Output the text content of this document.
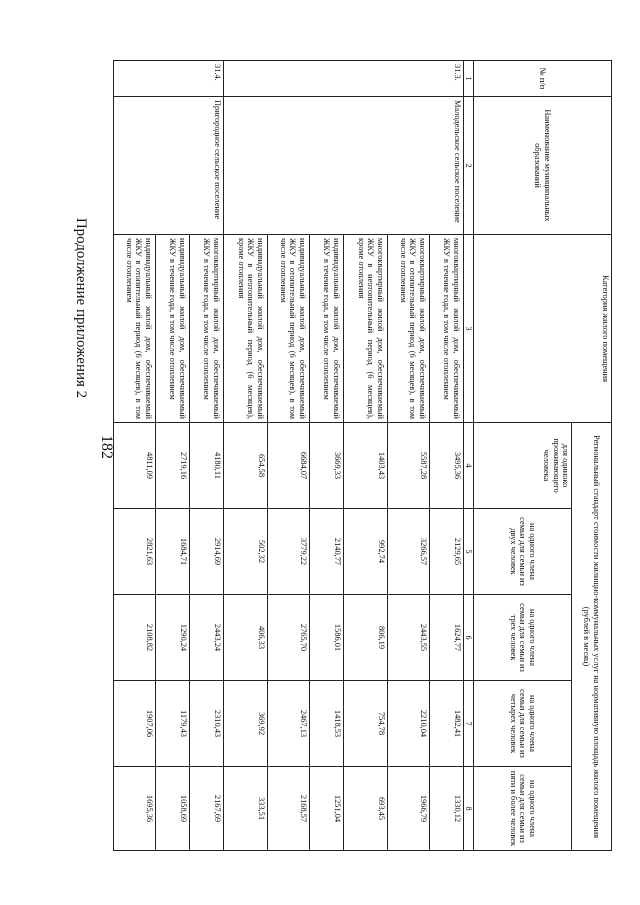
182
Продолжение приложения 2
№ п/п	Наименование муниципальных образований	Категория жилого помещения	Региональный стандарт стоимости жилищно-коммунальных услуг на нормативную площадь жилого помещения (рублей в месяц)				
			для одиноко проживающего человека	на одного члена семьи для семьи из двух человек	на одного члена семьи для семьи из трех человек	на одного члена семьи для семьи из четырех человек	на одного члена семьи для семьи из пяти и более человек
1	2	3	4	5	6	7	8
31.3.	Малодельское сельское поселение	многоквартирный жилой дом, обеспечиваемый ЖКУ в течение года, в том числе отоплением	3495,36	2129,65	1624,77	1482,41	1330,12
		многоквартирный жилой дом, обеспечиваемый ЖКУ в отопительный период (6 месяцев), в том числе отоплением	5587,28	3266,57	2443,55	2210,04	1966,79
		многоквартирный жилой дом, обеспечиваемый ЖКУ в неотопительный период (6 месяцев), кроме отопления	1403,43	992,74	806,19	754,78	693,45
		индивидуальный жилой дом, обеспечиваемый ЖКУ в течение года, в том числе отоплением	3669,33	2140,77	1586,01	1418,53	1251,04
		индивидуальный жилой дом, обеспечиваемый ЖКУ в отопительный период (6 месяцев), в том числе отоплением	6684,07	3779,22	2765,70	2467,13	2168,57
		индивидуальный жилой дом, обеспечиваемый ЖКУ в неотопительный период (6 месяцев), кроме отопления	654,58	502,32	406,33	369,92	333,51
31.4.	Пригородное сельское поселение	многоквартирный жилой дом, обеспечиваемый ЖКУ в течение года, в том числе отоплением	4180,11	2914,69	2443,24	2310,43	2167,69
		индивидуальный жилой дом, обеспечиваемый ЖКУ в течение года, в том числе отоплением	2719,16	1684,71	1290,24	1179,43	1058,69
		индивидуальный жилой дом, обеспечиваемый ЖКУ в отопительный период (6 месяцев), в том числе отоплением	4811,09	2821,63	2108,82	1907,06	1695,36
